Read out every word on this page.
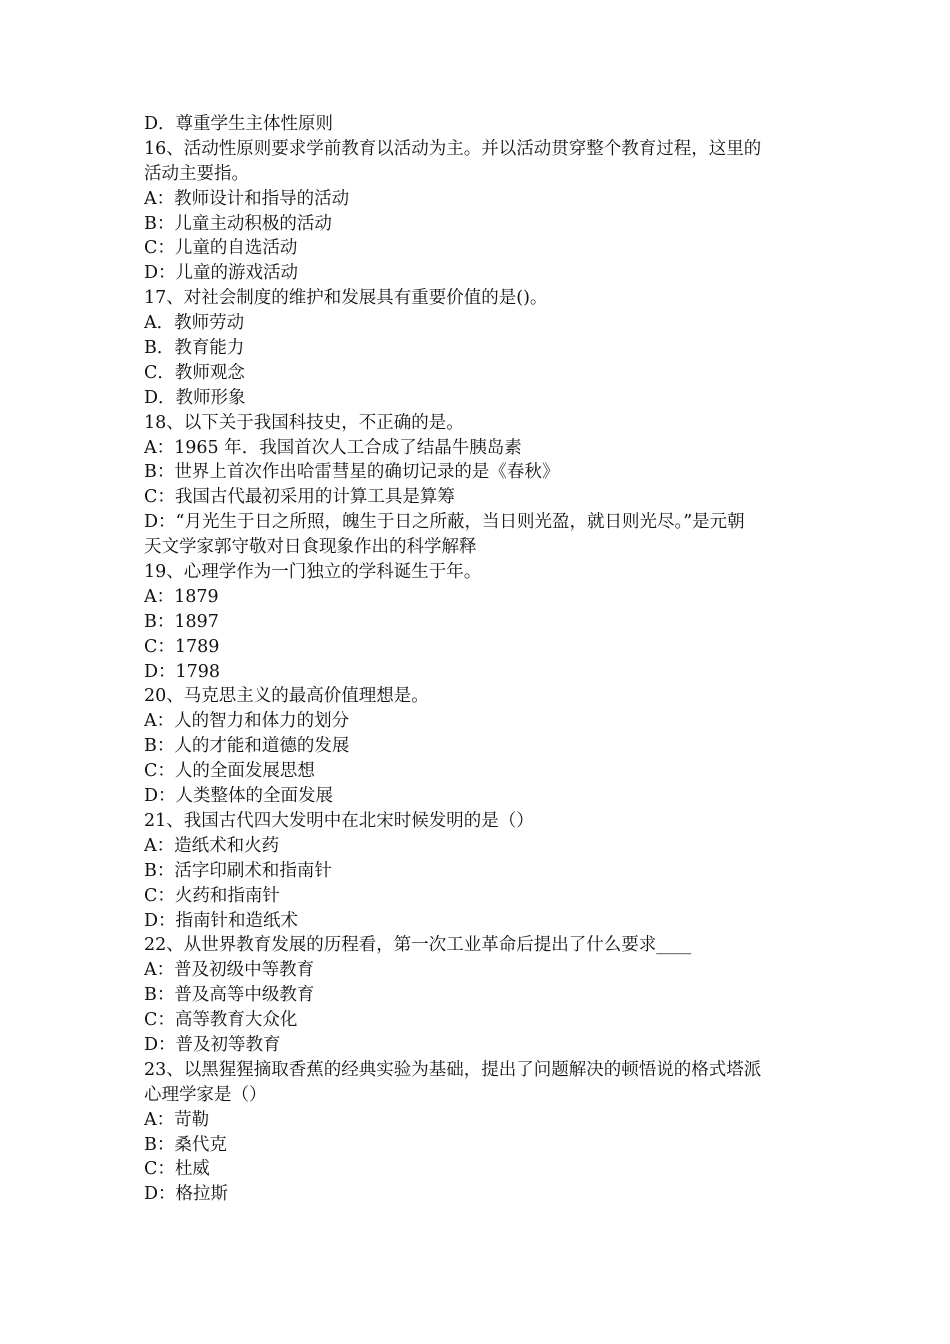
D．尊重学生主体性原则
16、活动性原则要求学前教育以活动为主。并以活动贯穿整个教育过程，这里的
活动主要指。
A：教师设计和指导的活动
B：儿童主动积极的活动
C：儿童的自选活动
D：儿童的游戏活动
17、对社会制度的维护和发展具有重要价值的是()。
A．教师劳动
B．教育能力
C．教师观念
D．教师形象
18、以下关于我国科技史，不正确的是。
A：1965 年．我国首次人工合成了结晶牛胰岛素
B：世界上首次作出哈雷彗星的确切记录的是《春秋》
C：我国古代最初采用的计算工具是算筹
D：“月光生于日之所照，魄生于日之所蔽，当日则光盈，就日则光尽。”是元朝
天文学家郭守敬对日食现象作出的科学解释
19、心理学作为一门独立的学科诞生于年。
A：1879
B：1897
C：1789
D：1798
20、马克思主义的最高价值理想是。
A：人的智力和体力的划分
B：人的才能和道德的发展
C：人的全面发展思想
D：人类整体的全面发展
21、我国古代四大发明中在北宋时候发明的是（）
A：造纸术和火药
B：活字印刷术和指南针
C：火药和指南针
D：指南针和造纸术
22、从世界教育发展的历程看，第一次工业革命后提出了什么要求____
A：普及初级中等教育
B：普及高等中级教育
C：高等教育大众化
D：普及初等教育
23、以黑猩猩摘取香蕉的经典实验为基础，提出了问题解决的顿悟说的格式塔派
心理学家是（）
A：苛勒
B：桑代克
C：杜威
D：格拉斯
